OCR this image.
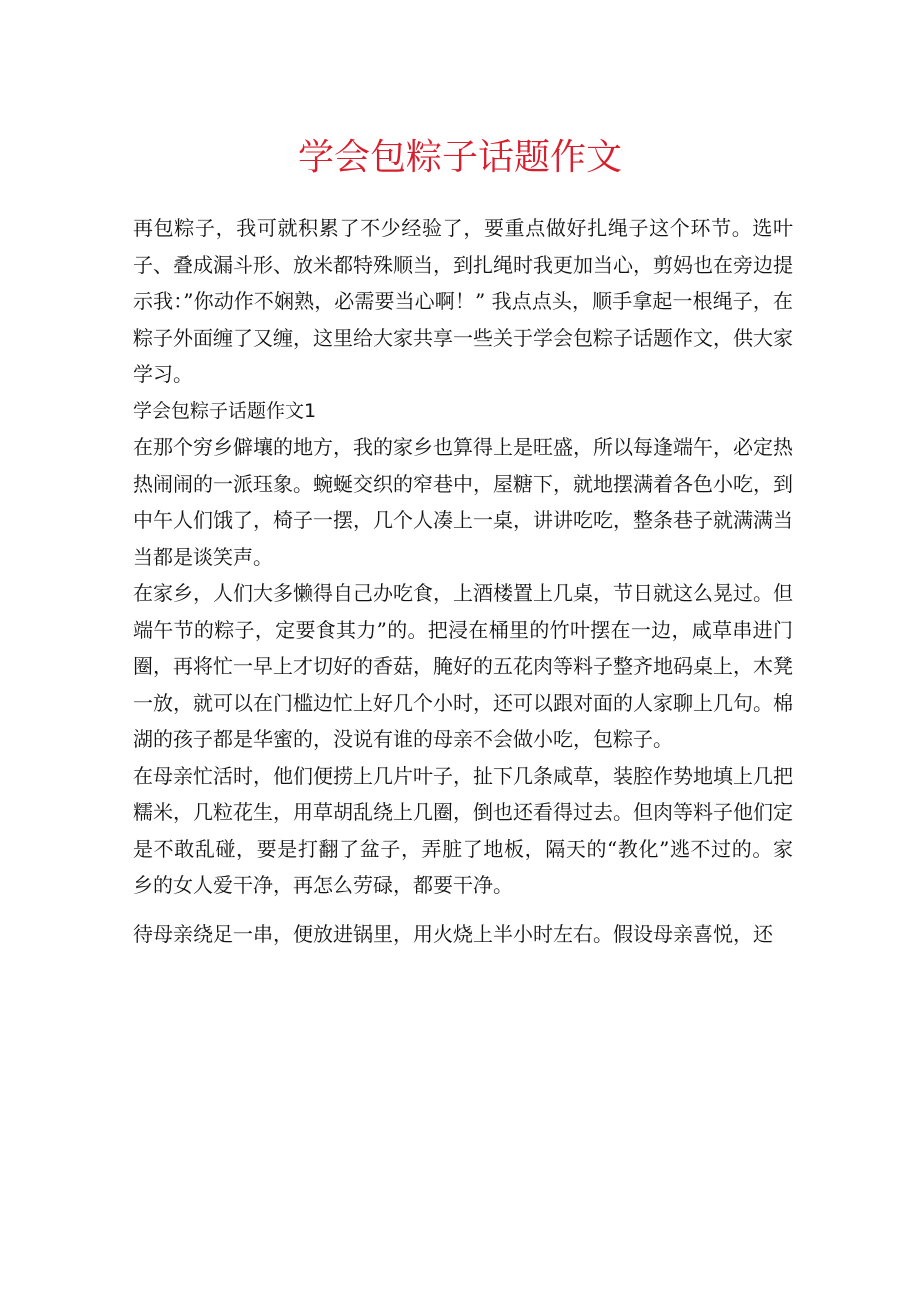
学会包粽子话题作文

再包粽子，我可就积累了不少经验了，要重点做好扎绳子这个环节。选叶子、叠成漏斗形、放米都特殊顺当，到扎绳时我更加当心，剪妈也在旁边提示我：”你动作不娴熟，必需要当心啊！” 我点点头，顺手拿起一根绳子，在粽子外面缠了又缠，这里给大家共享一些关于学会包粽子话题作文，供大家学习。

学会包粽子话题作文1

在那个穷乡僻壤的地方，我的家乡也算得上是旺盛，所以每逢端午，必定热热闹闹的一派珏象。蜿蜒交织的窄巷中，屋糖下，就地摆满着各色小吃，到中午人们饿了，椅子一摆，几个人凑上一桌，讲讲吃吃，整条巷子就满满当当都是谈笑声。

在家乡，人们大多懒得自己办吃食，上酒楼置上几桌，节日就这么晃过。但端午节的粽子，定要食其力”的。把浸在桶里的竹叶摆在一边，咸草串进门圈，再将忙一早上才切好的香菇，腌好的五花肉等料子整齐地码桌上，木凳一放，就可以在门槛边忙上好几个小时，还可以跟对面的人家聊上几句。棉湖的孩子都是华蜜的，没说有谁的母亲不会做小吃，包粽子。

在母亲忙活时，他们便捞上几片叶子，扯下几条咸草，装腔作势地填上几把糯米，几粒花生，用草胡乱绕上几圈，倒也还看得过去。但肉等料子他们定是不敢乱碰，要是打翻了盆子，弄脏了地板，隔天的“教化”逃不过的。家乡的女人爱干净，再怎么劳碌，都要干净。

待母亲绕足一串，便放进锅里，用火烧上半小时左右。假设母亲喜悦，还
